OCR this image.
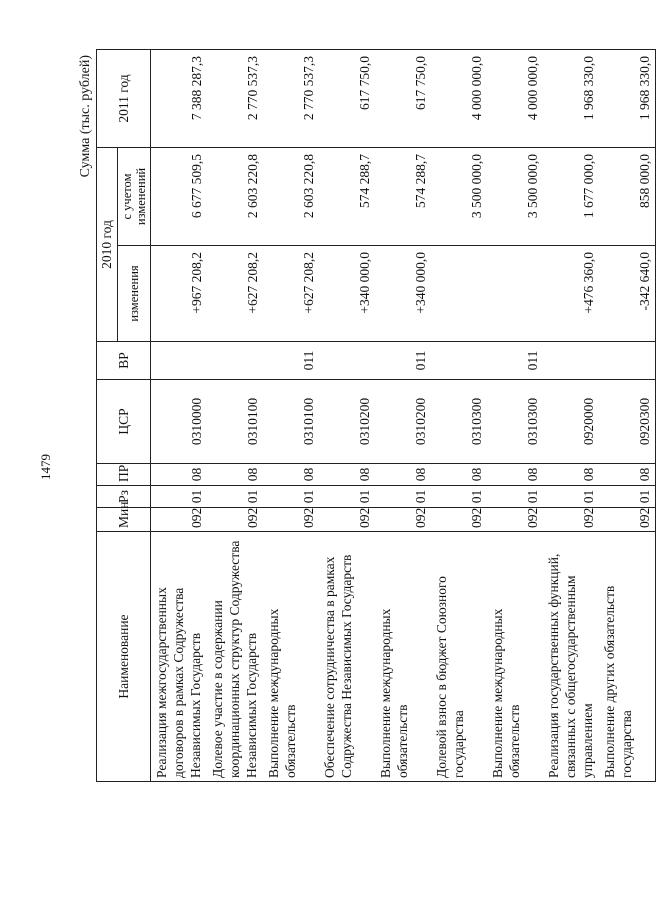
1479
Сумма (тыс. рублей)
Наименование	Мин	Рз	ПР	ЦСР	ВР	2010 год		2011 год
						изменения	с учетом изменений	
Реализация межгосударственных договоров в рамках Содружества Независимых Государств	092	01	08	0310000		+967 208,2	6 677 509,5	7 388 287,3
Долевое участие в содержании координационных структур Содружества Независимых Государств	092	01	08	0310100		+627 208,2	2 603 220,8	2 770 537,3
Выполнение международных обязательств	092	01	08	0310100	011	+627 208,2	2 603 220,8	2 770 537,3
Обеспечение сотрудничества в рамках Содружества Независимых Государств	092	01	08	0310200		+340 000,0	574 288,7	617 750,0
Выполнение международных обязательств	092	01	08	0310200	011	+340 000,0	574 288,7	617 750,0
Долевой взнос в бюджет Союзного государства	092	01	08	0310300			3 500 000,0	4 000 000,0
Выполнение международных обязательств	092	01	08	0310300	011		3 500 000,0	4 000 000,0
Реализация государственных функций, связанных с общегосударственным управлением	092	01	08	0920000		+476 360,0	1 677 000,0	1 968 330,0
Выполнение других обязательств государства	092	01	08	0920300		-342 640,0	858 000,0	1 968 330,0
